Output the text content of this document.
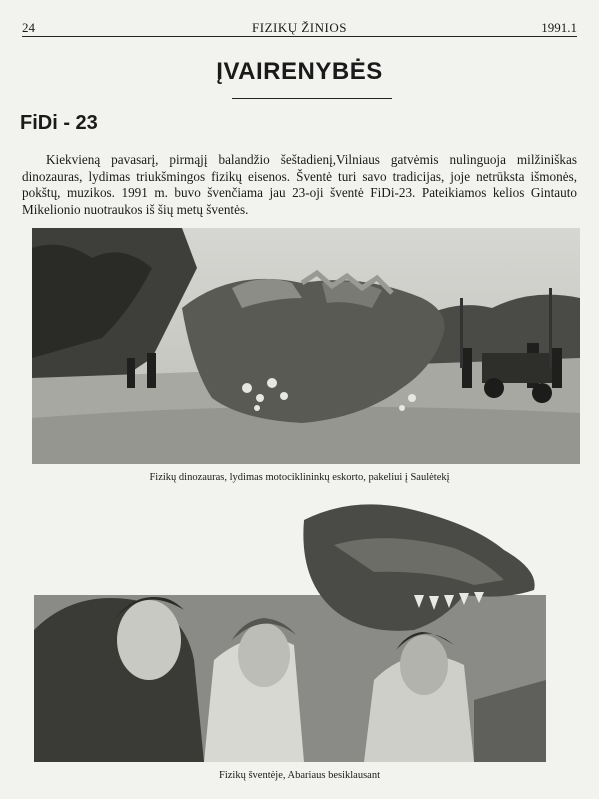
24	FIZIKŲ ŽINIOS	1991.1
ĮVAIRENYBĖS
FiDi - 23
Kiekvieną pavasarį, pirmąjį balandžio šeštadienį,Vilniaus gatvėmis nulinguoja milžiniškas dinozauras, lydimas triukšmingos fizikų eisenos. Šventė turi savo tradicijas, joje netrūksta išmonės, pokštų, muzikos. 1991 m. buvo švenčiama jau 23-oji šventė FiDi-23. Pateikiamos kelios Gintauto Mikelionio nuotraukos iš šių metų šventės.
Fizikų dinozauras, lydimas motociklininkų eskorto, pakeliui į Saulėtekį
Fizikų šventėje, Abariaus besiklausant
